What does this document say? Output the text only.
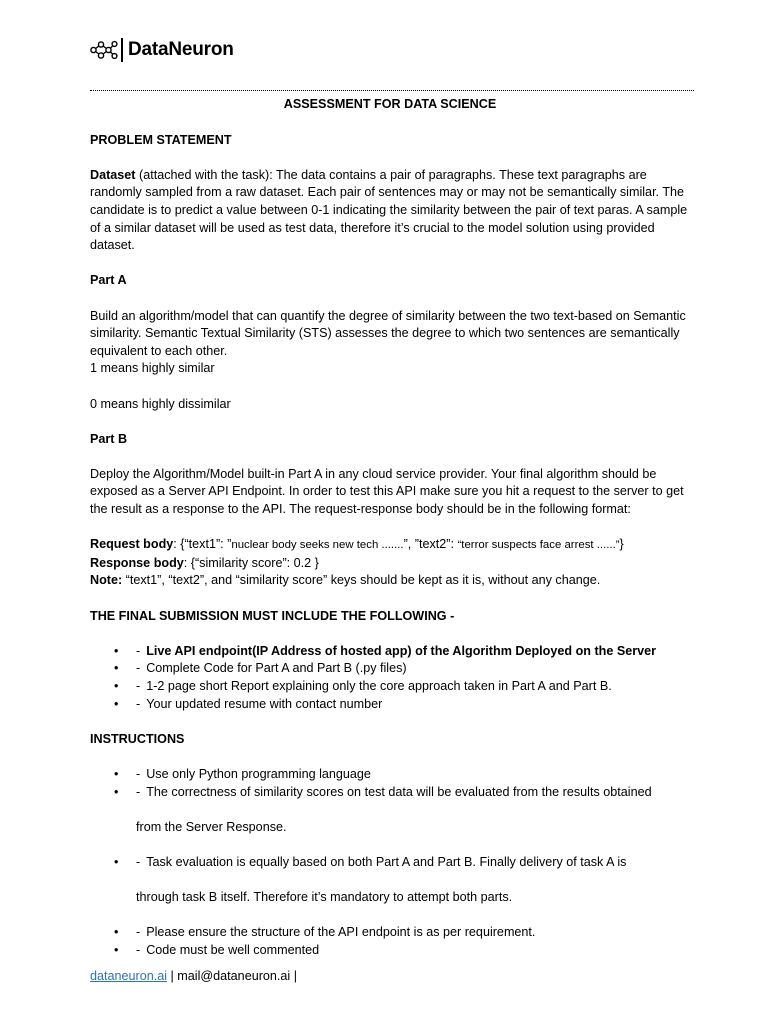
DataNeuron

ASSESSMENT FOR DATA SCIENCE

PROBLEM STATEMENT

Dataset (attached with the task): The data contains a pair of paragraphs. These text paragraphs are randomly sampled from a raw dataset. Each pair of sentences may or may not be semantically similar. The candidate is to predict a value between 0-1 indicating the similarity between the pair of text paras. A sample of a similar dataset will be used as test data, therefore it’s crucial to the model solution using provided dataset.

Part A

Build an algorithm/model that can quantify the degree of similarity between the two text-based on Semantic similarity. Semantic Textual Similarity (STS) assesses the degree to which two sentences are semantically equivalent to each other.

1 means highly similar

0 means highly dissimilar

Part B

Deploy the Algorithm/Model built-in Part A in any cloud service provider. Your final algorithm should be exposed as a Server API Endpoint. In order to test this API make sure you hit a request to the server to get the result as a response to the API. The request-response body should be in the following format:

Request body: {“text1”: ”nuclear body seeks new tech .......”, ”text2”: “terror suspects face arrest ......”}

Response body: {“similarity score”: 0.2 }

Note: “text1”, “text2”, and “similarity score” keys should be kept as it is, without any change.

THE FINAL SUBMISSION MUST INCLUDE THE FOLLOWING -

• - Live API endpoint(IP Address of hosted app) of the Algorithm Deployed on the Server
• - Complete Code for Part A and Part B (.py files)
• - 1-2 page short Report explaining only the core approach taken in Part A and Part B.
• - Your updated resume with contact number

INSTRUCTIONS

• - Use only Python programming language
• - The correctness of similarity scores on test data will be evaluated from the results obtained

from the Server Response.

• - Task evaluation is equally based on both Part A and Part B. Finally delivery of task A is

through task B itself. Therefore it’s mandatory to attempt both parts.

• - Please ensure the structure of the API endpoint is as per requirement.
• - Code must be well commented
dataneuron.ai | mail@dataneuron.ai |
